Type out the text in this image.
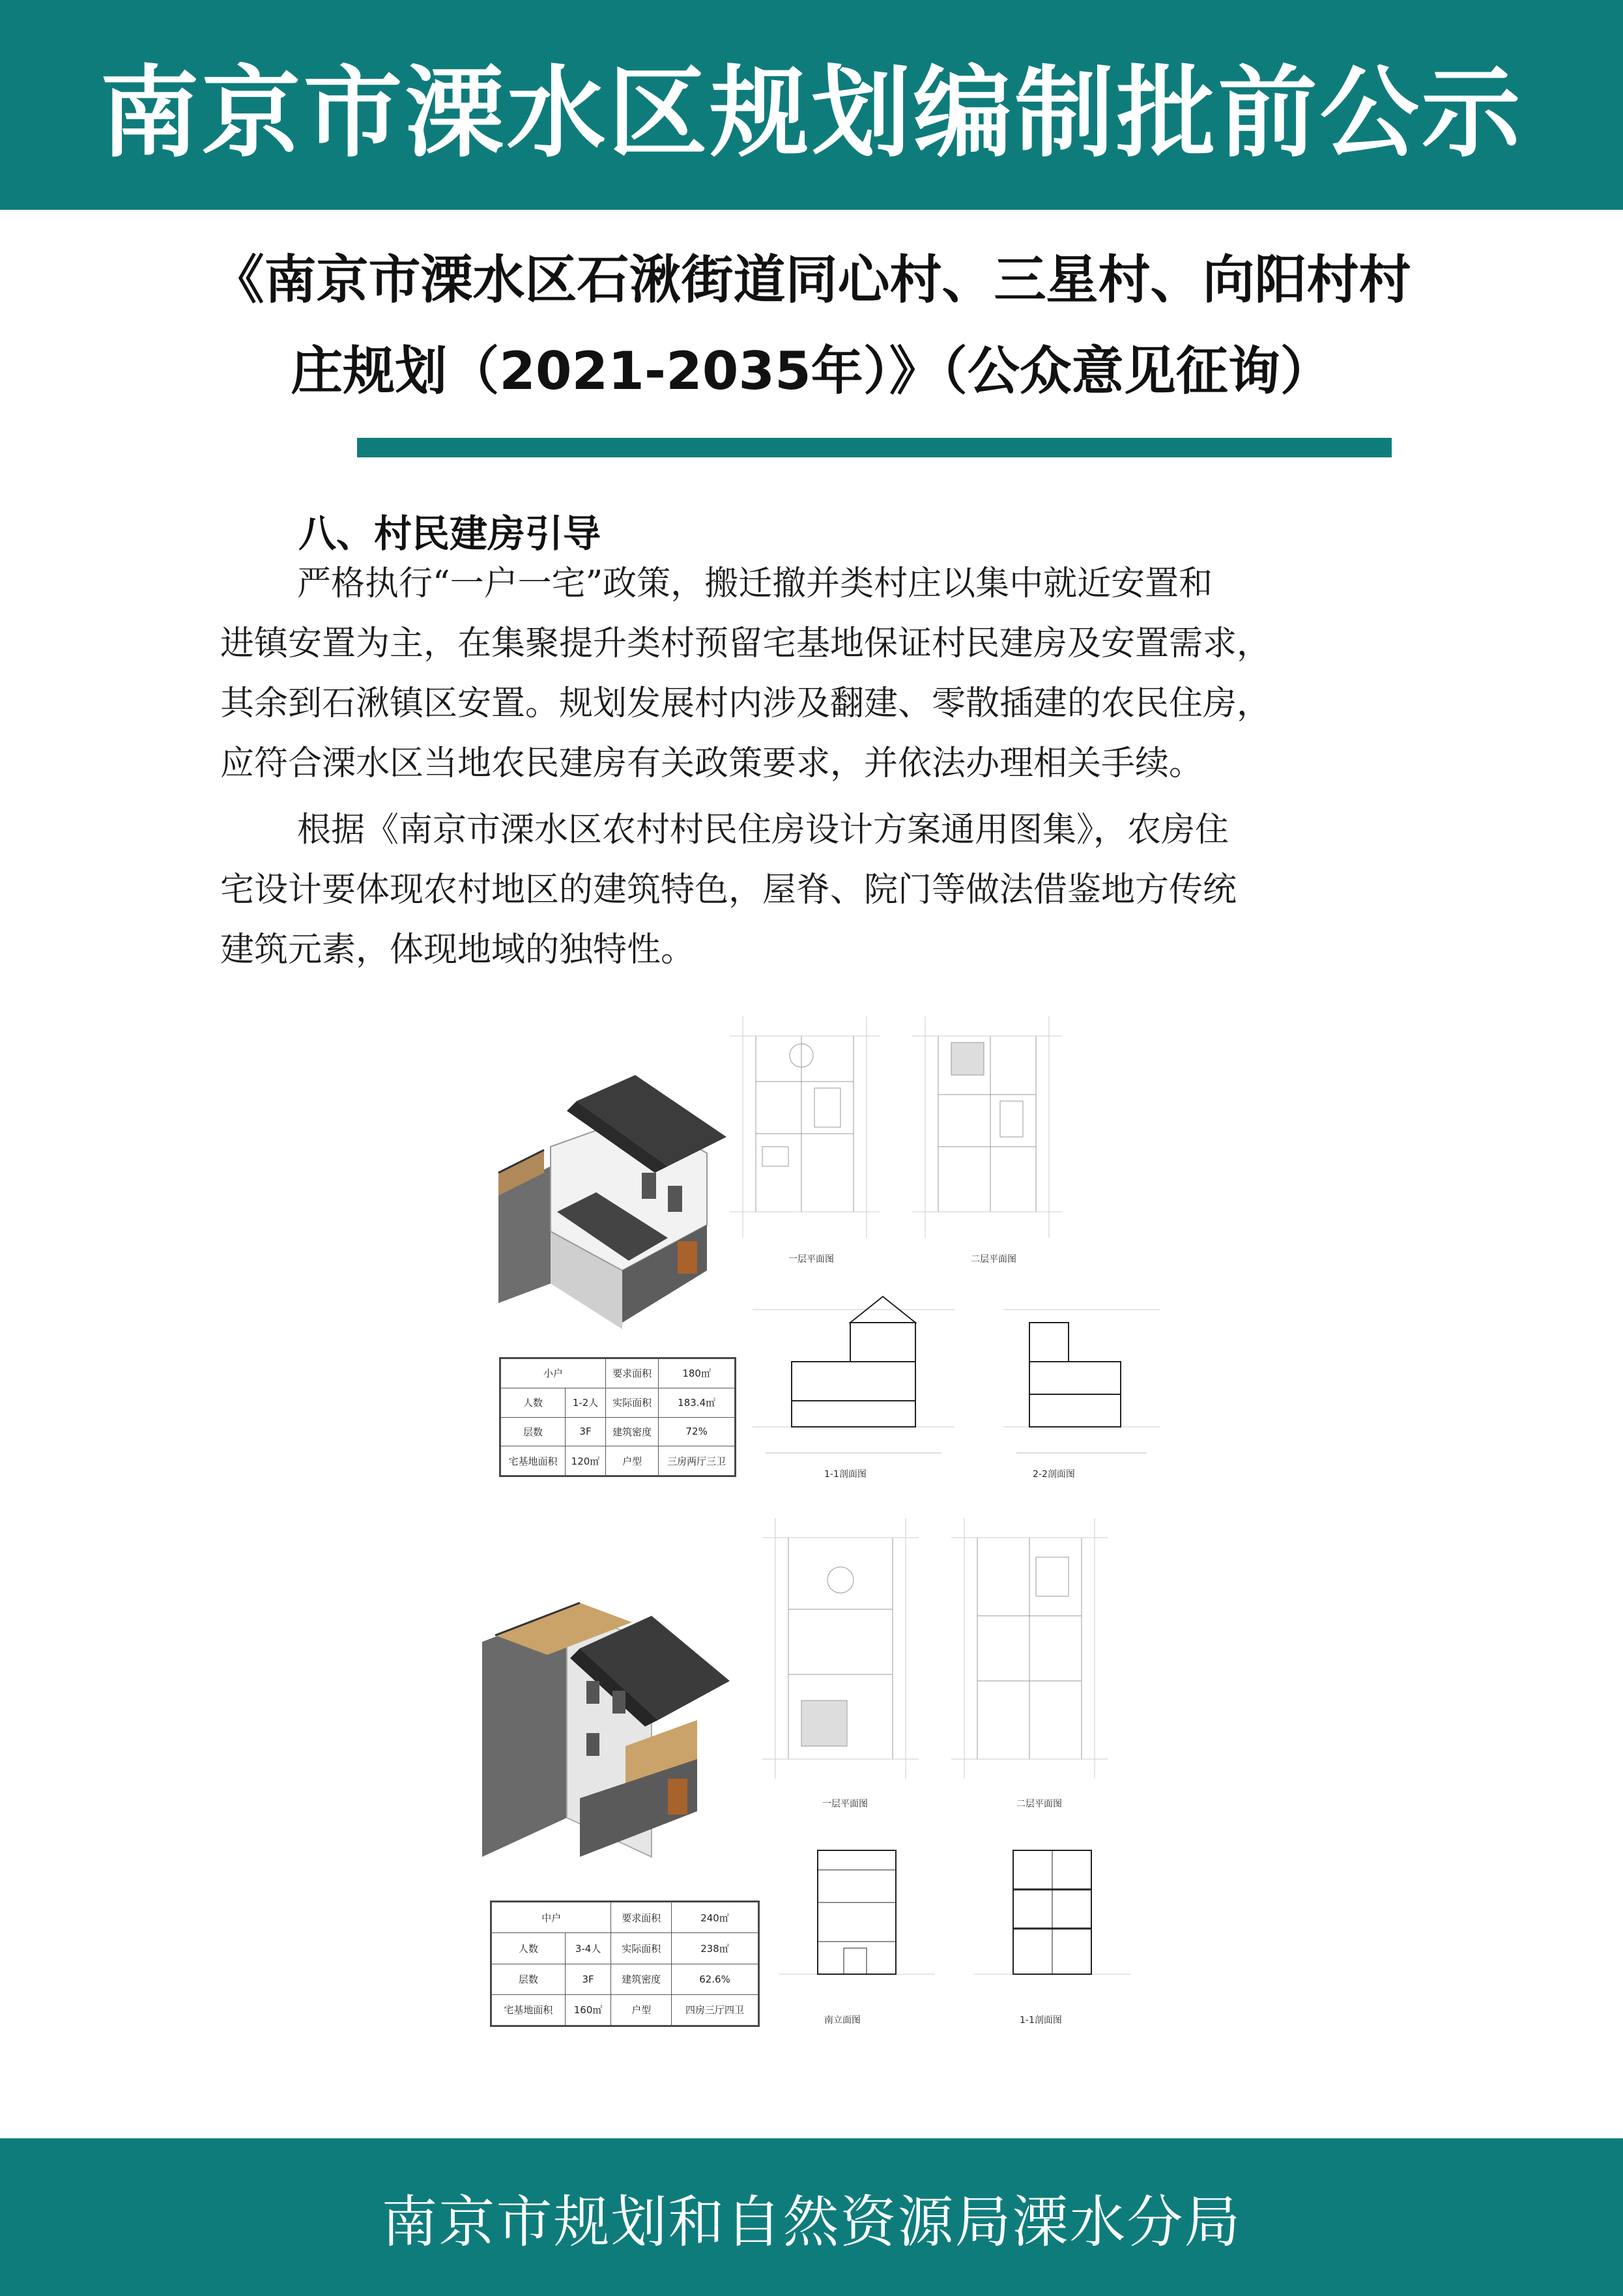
南京市溧水区规划编制批前公示
《南京市溧水区石湫街道同心村、三星村、向阳村村
庄规划（2021-2035年）》（公众意见征询）
八、村民建房引导
严格执行“一户一宅”政策，搬迁撤并类村庄以集中就近安置和
进镇安置为主，在集聚提升类村预留宅基地保证村民建房及安置需求，
其余到石湫镇区安置。规划发展村内涉及翻建、零散插建的农民住房，
应符合溧水区当地农民建房有关政策要求，并依法办理相关手续。
根据《南京市溧水区农村村民住房设计方案通用图集》，农房住
宅设计要体现农村地区的建筑特色，屋脊、院门等做法借鉴地方传统
建筑元素，体现地域的独特性。
小户		要求面积	180㎡
人数	1-2人	实际面积	183.4㎡
层数	3F	建筑密度	72%
宅基地面积	120㎡	户型	三房两厅三卫
一层平面图	二层平面图
1-1剖面图	2-2剖面图
中户		要求面积	240㎡
人数	3-4人	实际面积	238㎡
层数	3F	建筑密度	62.6%
宅基地面积	160㎡	户型	四房三厅四卫
一层平面图	二层平面图
南立面图	1-1剖面图
南京市规划和自然资源局溧水分局
